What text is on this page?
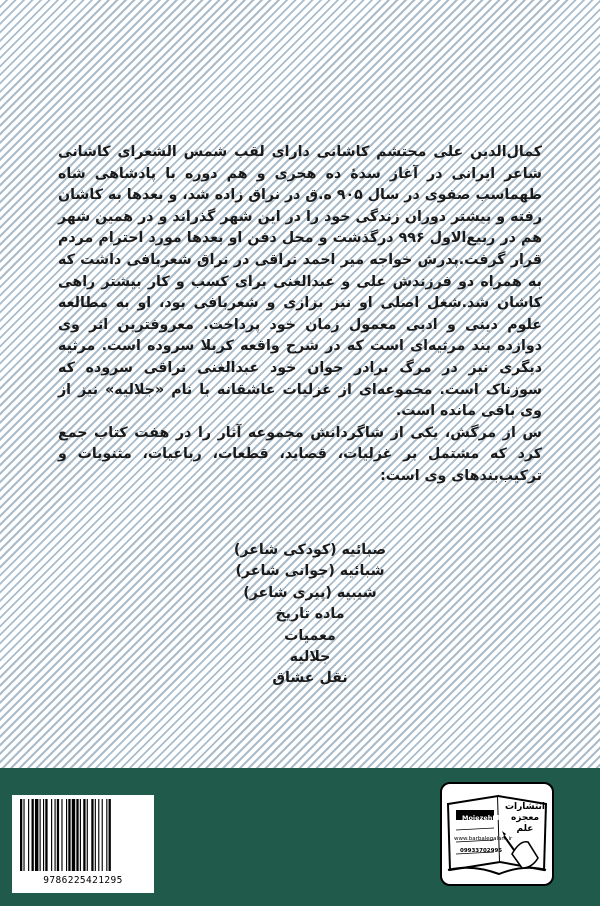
کمال‌الدین علی محتشم کاشانی دارای لقب شمس الشعرای کاشانی شاعر ایرانی در آغاز سدهٔ ده هجری و هم دوره با پادشاهی شاه طهماسب صفوی در سال ۹۰۵ ه.ق در نراق زاده شد، و بعدها به کاشان رفته و بیشتر دوران زندگی خود را در این شهر گذراند و در همین شهر هم در ربیع‌الاول ۹۹۶ درگذشت و محل دفن او بعدها مورد احترام مردم قرار گرفت.پدرش خواجه میر احمد نراقی در نراق شعربافی داشت که به همراه دو فرزندش علی و عبدالغنی برای کسب و کار بیشتر راهی کاشان شد.شغل اصلی او نیز بزازی و شعربافی بود، او به مطالعه علوم دینی و ادبی معمول زمان خود پرداخت. معروفترین اثر وی دوازده بند مرثیه‌ای است که در شرح واقعه کربلا سروده است. مرثیه دیگری نیز در مرگ برادر جوان خود عبدالغنی نراقی سروده که سوزناک است. مجموعه‌ای از غزلیات عاشقانه با نام «جلالیه» نیز از وی باقی مانده است.

س از مرگش، یکی از شاگردانش مجموعه آثار را در هفت کتاب جمع کرد که مشتمل بر غزلیات، قصاید، قطعات، رباعیات، مثنویات و ترکیب‌بندهای وی است:

صبائیه (کودکی شاعر)
شبائیه (جوانی شاعر)
شیبیه (پیری شاعر)
ماده تاریخ
معمیات
جلالیه
نقل عشاق
9786225421295
انتشارات معجزه علم
MojezehElm
www.barbalegalam.ir
09933702995
